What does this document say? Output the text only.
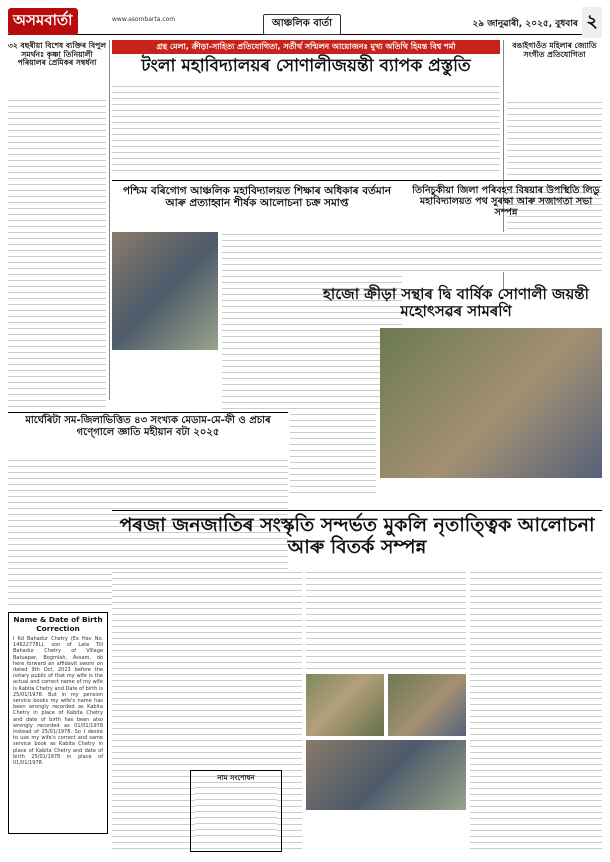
অসমবাৰ্তা	www.asombarta.com	আঞ্চলিক বাৰ্তা	২৯ জানুৱাৰী, ২০২৫, বুধবাৰ ২
৩২ বছৰীয়া বিশেষ ব্যক্তিৰ বিপুল সমৰ্থনঃ কৃষ্ণা তিনিয়ালী পৰিয়ালৰ প্ৰেমিকৰ সম্বৰ্ধনা
গ্ৰন্থ মেলা, ক্ৰীড়া-সাহিত্য প্ৰতিযোগিতা, সৰ্তীৰ্থ সন্মিলন আয়োজনঃ মুখ্য অতিথি হিমন্ত বিশ্ব শৰ্মা
টংলা মহাবিদ্যালয়ৰ সোণালীজয়ন্তী ব্যাপক প্ৰস্তুতি
বঙাইগাওঁত মহিলাৰ জ্যোতি সংগীত প্ৰতিযোগিতা
পশ্চিম বৰিগোগ আঞ্চলিক মহাবিদ্যালয়ত শিক্ষাৰ অধিকাৰ বৰ্তমান আৰু প্ৰত্যাহ্বান শীৰ্ষক আলোচনা চক্ৰ সমাপ্ত
তিনিচুকীয়া জিলা পৰিবহণ বিষয়াৰ উপস্থিতি লিডু মহাবিদ্যালয়ত পথ সুৰক্ষা আৰু সজাগতা সভা সম্পন্ন
হাজো ক্ৰীড়া সন্থাৰ দ্বি বাৰ্ষিক সোণালী জয়ন্তী মহোৎসৱৰ সামৰণি
মাৰ্ঘেৰিটা সম-জিলাভিত্তিত ৪৩ সংখ্যক মেডাম-মে-ফী ও প্ৰচাৰ গণ্গোলে জ্ঞাতি মহীয়ান বটা ২০২৫
পৰজা জনজাতিৰ সংস্কৃতি সন্দৰ্ভত মুকলি নৃতাত্ত্বিক আলোচনা আৰু বিতৰ্ক সম্পন্ন
Name & Date of Birth Correction
I Kd Bahadur Chetry (Ex Hav No. 14622778L), son of Late Till Bahadur Chetry of Village Batuapar, Bogmlah, Assam, do here forward an affidavit sworn on dated 9th Oct, 2023 before the notary public of that my wife is the actual and correct name of my wife is Kabita Chetry and Date of birth is 25/01/1978. But in my pension service books my wife's name has been wrongly recorded as Kabita Chetry in place of Kabita Chetry and date of birth has been also wrongly recorded as 01/01/1978 instead of 25/01/1978. So I desire to use my wife's correct and same service book as Kabita Chetry in place of Kabita Chetry and date of birth 25/01/1978 in place of 01/01/1978.
নাম সংশোধন
